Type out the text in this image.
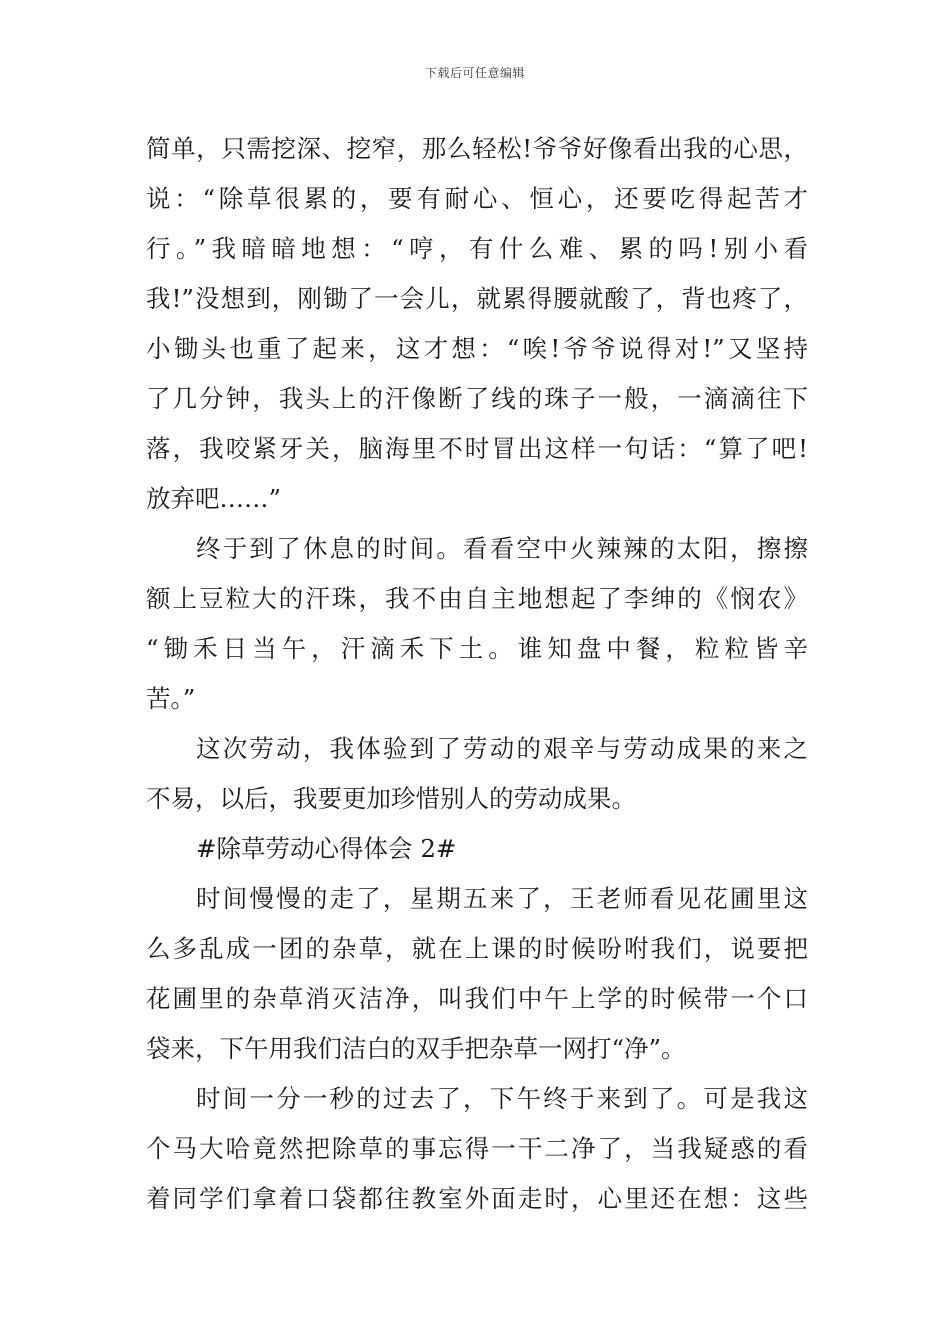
下载后可任意编辑
简单，只需挖深、挖窄，那么轻松!爷爷好像看出我的心思，
说：“除草很累的，要有耐心、恒心，还要吃得起苦才
行。”我暗暗地想：“哼，有什么难、累的吗!别小看
我!”没想到，刚锄了一会儿，就累得腰就酸了，背也疼了，
小锄头也重了起来，这才想：“唉!爷爷说得对!”又坚持
了几分钟，我头上的汗像断了线的珠子一般，一滴滴往下
落，我咬紧牙关，脑海里不时冒出这样一句话：“算了吧!
放弃吧……”
终于到了休息的时间。看看空中火辣辣的太阳，擦擦
额上豆粒大的汗珠，我不由自主地想起了李绅的《悯农》
“锄禾日当午，汗滴禾下土。谁知盘中餐，粒粒皆辛
苦。”
这次劳动，我体验到了劳动的艰辛与劳动成果的来之
不易，以后，我要更加珍惜别人的劳动成果。
#除草劳动心得体会 2#
时间慢慢的走了，星期五来了，王老师看见花圃里这
么多乱成一团的杂草，就在上课的时候吩咐我们，说要把
花圃里的杂草消灭洁净，叫我们中午上学的时候带一个口
袋来，下午用我们洁白的双手把杂草一网打“净”。
时间一分一秒的过去了，下午终于来到了。可是我这
个马大哈竟然把除草的事忘得一干二净了，当我疑惑的看
着同学们拿着口袋都往教室外面走时，心里还在想：这些
